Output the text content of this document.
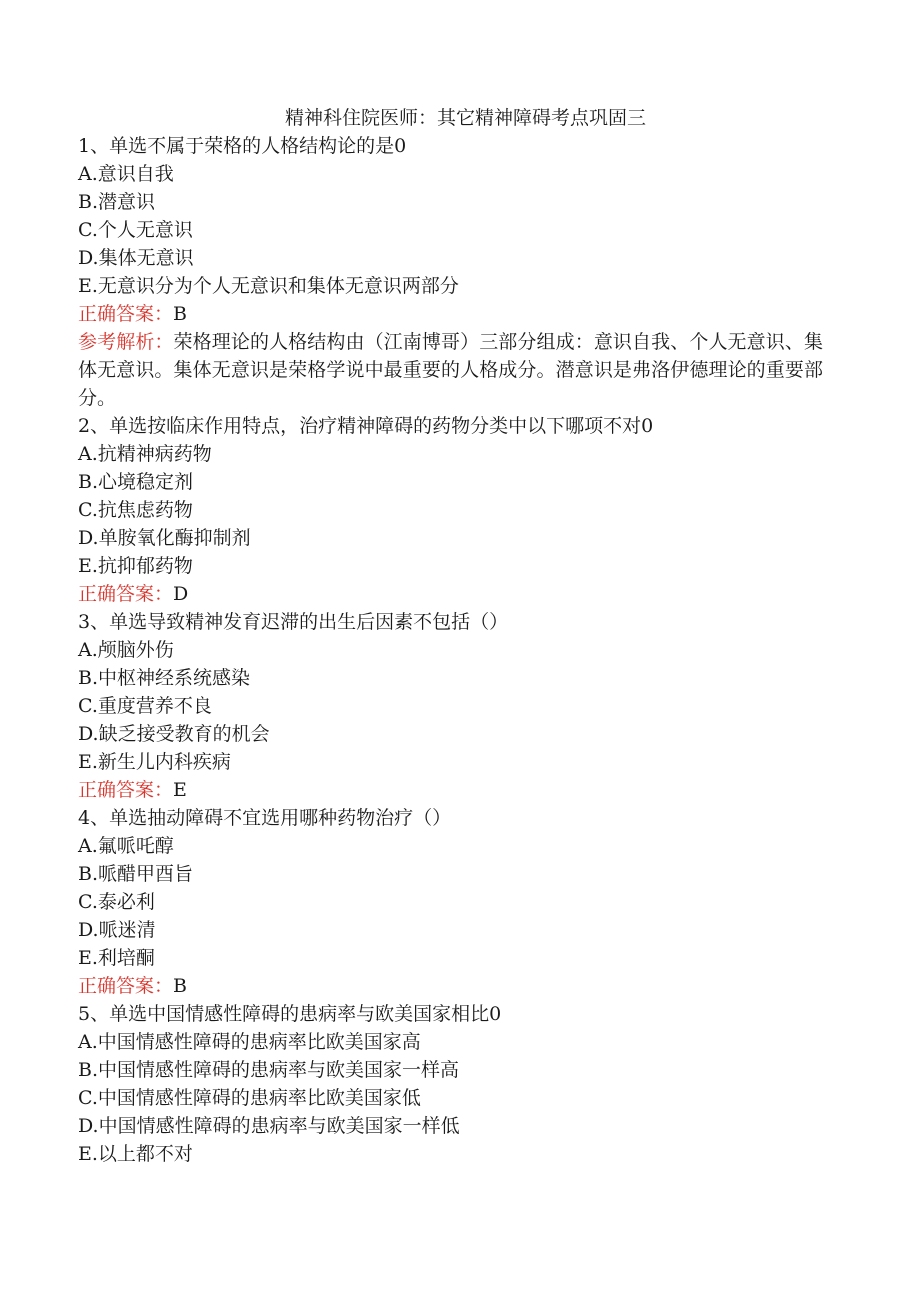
精神科住院医师：其它精神障碍考点巩固三

1、单选不属于荣格的人格结构论的是0

A.意识自我

B.潜意识

C.个人无意识

D.集体无意识

E.无意识分为个人无意识和集体无意识两部分

正确答案：B

参考解析：荣格理论的人格结构由（江南博哥）三部分组成：意识自我、个人无意识、集体无意识。集体无意识是荣格学说中最重要的人格成分。潜意识是弗洛伊德理论的重要部分。

2、单选按临床作用特点，治疗精神障碍的药物分类中以下哪项不对0

A.抗精神病药物

B.心境稳定剂

C.抗焦虑药物

D.单胺氧化酶抑制剂

E.抗抑郁药物

正确答案：D

3、单选导致精神发育迟滞的出生后因素不包括（）

A.颅脑外伤

B.中枢神经系统感染

C.重度营养不良

D.缺乏接受教育的机会

E.新生儿内科疾病

正确答案：E

4、单选抽动障碍不宜选用哪种药物治疗（）

A.氟哌吒醇

B.哌醋甲酉旨

C.泰必利

D.哌迷清

E.利培酮

正确答案：B

5、单选中国情感性障碍的患病率与欧美国家相比0

A.中国情感性障碍的患病率比欧美国家高

B.中国情感性障碍的患病率与欧美国家一样高

C.中国情感性障碍的患病率比欧美国家低

D.中国情感性障碍的患病率与欧美国家一样低

E.以上都不对
